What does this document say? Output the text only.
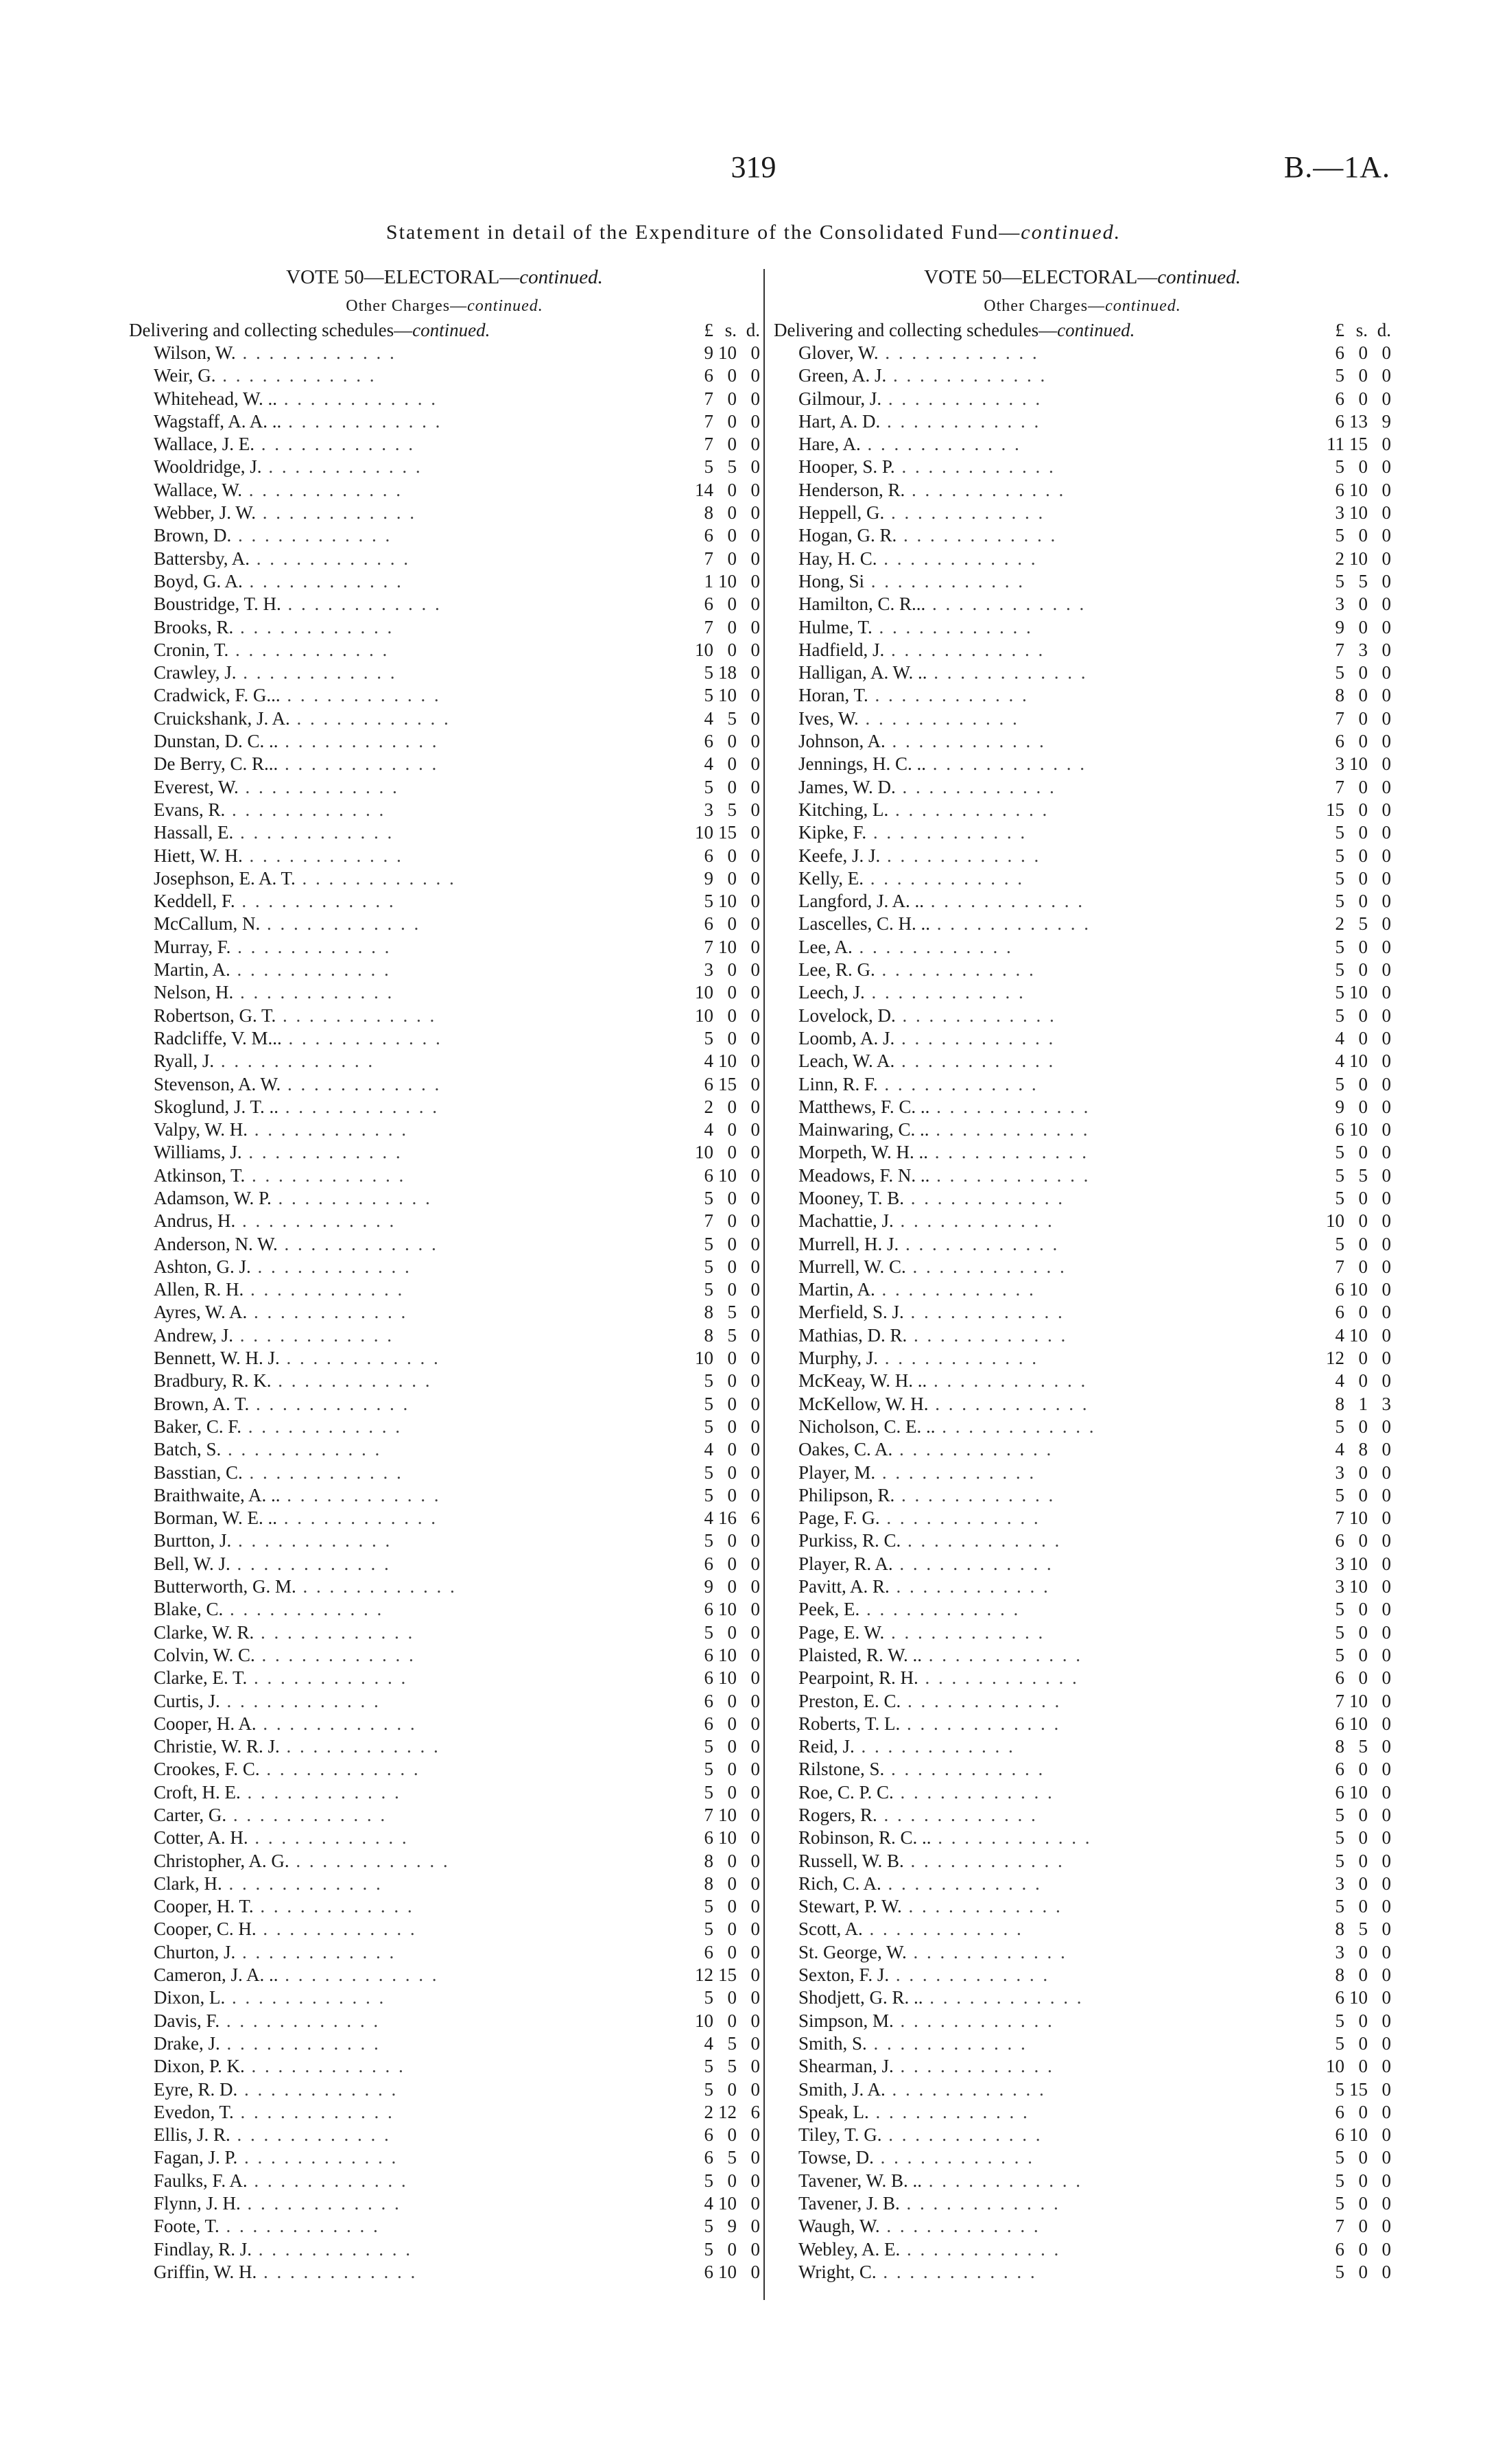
319	B.—1A.
Statement in detail of the Expenditure of the Consolidated Fund—continued.
VOTE 50—ELECTORAL—continued.
Other Charges—continued.
Delivering and collecting schedules—continued.	£ s. d.
Wilson, W. . . . . . . . . . . . .	9 10 0
Weir, G. . . . . . . . . . . . .	6 0 0
Whitehead, W. .. . . . . . . . . . . . .	7 0 0
Wagstaff, A. A. .. . . . . . . . . . . . .	7 0 0
Wallace, J. E. . . . . . . . . . . . .	7 0 0
Wooldridge, J. . . . . . . . . . . . .	5 5 0
Wallace, W. . . . . . . . . . . . .	14 0 0
Webber, J. W. . . . . . . . . . . . .	8 0 0
Brown, D. . . . . . . . . . . . .	6 0 0
Battersby, A. . . . . . . . . . . . .	7 0 0
Boyd, G. A. . . . . . . . . . . . .	1 10 0
Boustridge, T. H. . . . . . . . . . . . .	6 0 0
Brooks, R. . . . . . . . . . . . .	7 0 0
Cronin, T. . . . . . . . . . . . .	10 0 0
Crawley, J. . . . . . . . . . . . .	5 18 0
Cradwick, F. G... . . . . . . . . . . . .	5 10 0
Cruickshank, J. A. . . . . . . . . . . . .	4 5 0
Dunstan, D. C. .. . . . . . . . . . . . .	6 0 0
De Berry, C. R... . . . . . . . . . . . .	4 0 0
Everest, W. . . . . . . . . . . . .	5 0 0
Evans, R. . . . . . . . . . . . .	3 5 0
Hassall, E. . . . . . . . . . . . .	10 15 0
Hiett, W. H. . . . . . . . . . . . .	6 0 0
Josephson, E. A. T. . . . . . . . . . . . .	9 0 0
Keddell, F. . . . . . . . . . . . .	5 10 0
McCallum, N. . . . . . . . . . . . .	6 0 0
Murray, F. . . . . . . . . . . . .	7 10 0
Martin, A. . . . . . . . . . . . .	3 0 0
Nelson, H. . . . . . . . . . . . .	10 0 0
Robertson, G. T. . . . . . . . . . . . .	10 0 0
Radcliffe, V. M... . . . . . . . . . . . .	5 0 0
Ryall, J. . . . . . . . . . . . .	4 10 0
Stevenson, A. W. . . . . . . . . . . . .	6 15 0
Skoglund, J. T. .. . . . . . . . . . . . .	2 0 0
Valpy, W. H. . . . . . . . . . . . .	4 0 0
Williams, J. . . . . . . . . . . . .	10 0 0
Atkinson, T. . . . . . . . . . . . .	6 10 0
Adamson, W. P. . . . . . . . . . . . .	5 0 0
Andrus, H. . . . . . . . . . . . .	7 0 0
Anderson, N. W. . . . . . . . . . . . .	5 0 0
Ashton, G. J. . . . . . . . . . . . .	5 0 0
Allen, R. H. . . . . . . . . . . . .	5 0 0
Ayres, W. A. . . . . . . . . . . . .	8 5 0
Andrew, J. . . . . . . . . . . . .	8 5 0
Bennett, W. H. J. . . . . . . . . . . . .	10 0 0
Bradbury, R. K. . . . . . . . . . . . .	5 0 0
Brown, A. T. . . . . . . . . . . . .	5 0 0
Baker, C. F. . . . . . . . . . . . .	5 0 0
Batch, S. . . . . . . . . . . . .	4 0 0
Basstian, C. . . . . . . . . . . . .	5 0 0
Braithwaite, A. .. . . . . . . . . . . . .	5 0 0
Borman, W. E. .. . . . . . . . . . . . .	4 16 6
Burtton, J. . . . . . . . . . . . .	5 0 0
Bell, W. J. . . . . . . . . . . . .	6 0 0
Butterworth, G. M. . . . . . . . . . . . .	9 0 0
Blake, C. . . . . . . . . . . . .	6 10 0
Clarke, W. R. . . . . . . . . . . . .	5 0 0
Colvin, W. C. . . . . . . . . . . . .	6 10 0
Clarke, E. T. . . . . . . . . . . . .	6 10 0
Curtis, J. . . . . . . . . . . . .	6 0 0
Cooper, H. A. . . . . . . . . . . . .	6 0 0
Christie, W. R. J. . . . . . . . . . . . .	5 0 0
Crookes, F. C. . . . . . . . . . . . .	5 0 0
Croft, H. E. . . . . . . . . . . . .	5 0 0
Carter, G. . . . . . . . . . . . .	7 10 0
Cotter, A. H. . . . . . . . . . . . .	6 10 0
Christopher, A. G. . . . . . . . . . . . .	8 0 0
Clark, H. . . . . . . . . . . . .	8 0 0
Cooper, H. T. . . . . . . . . . . . .	5 0 0
Cooper, C. H. . . . . . . . . . . . .	5 0 0
Churton, J. . . . . . . . . . . . .	6 0 0
Cameron, J. A. .. . . . . . . . . . . . .	12 15 0
Dixon, L. . . . . . . . . . . . .	5 0 0
Davis, F. . . . . . . . . . . . .	10 0 0
Drake, J. . . . . . . . . . . . .	4 5 0
Dixon, P. K. . . . . . . . . . . . .	5 5 0
Eyre, R. D. . . . . . . . . . . . .	5 0 0
Evedon, T. . . . . . . . . . . . .	2 12 6
Ellis, J. R. . . . . . . . . . . . .	6 0 0
Fagan, J. P. . . . . . . . . . . . .	6 5 0
Faulks, F. A. . . . . . . . . . . . .	5 0 0
Flynn, J. H. . . . . . . . . . . . .	4 10 0
Foote, T. . . . . . . . . . . . .	5 9 0
Findlay, R. J. . . . . . . . . . . . .	5 0 0
Griffin, W. H. . . . . . . . . . . . .	6 10 0
VOTE 50—ELECTORAL—continued.
Other Charges—continued.
Delivering and collecting schedules—continued.	£ s. d.
Glover, W. . . . . . . . . . . . .	6 0 0
Green, A. J. . . . . . . . . . . . .	5 0 0
Gilmour, J. . . . . . . . . . . . .	6 0 0
Hart, A. D. . . . . . . . . . . . .	6 13 9
Hare, A. . . . . . . . . . . . .	11 15 0
Hooper, S. P. . . . . . . . . . . . .	5 0 0
Henderson, R. . . . . . . . . . . . .	6 10 0
Heppell, G. . . . . . . . . . . . .	3 10 0
Hogan, G. R. . . . . . . . . . . . .	5 0 0
Hay, H. C. . . . . . . . . . . . .	2 10 0
Hong, Si . . . . . . . . . . . .	5 5 0
Hamilton, C. R... . . . . . . . . . . . .	3 0 0
Hulme, T. . . . . . . . . . . . .	9 0 0
Hadfield, J. . . . . . . . . . . . .	7 3 0
Halligan, A. W. .. . . . . . . . . . . . .	5 0 0
Horan, T. . . . . . . . . . . . .	8 0 0
Ives, W. . . . . . . . . . . . .	7 0 0
Johnson, A. . . . . . . . . . . . .	6 0 0
Jennings, H. C. .. . . . . . . . . . . . .	3 10 0
James, W. D. . . . . . . . . . . . .	7 0 0
Kitching, L. . . . . . . . . . . . .	15 0 0
Kipke, F. . . . . . . . . . . . .	5 0 0
Keefe, J. J. . . . . . . . . . . . .	5 0 0
Kelly, E. . . . . . . . . . . . .	5 0 0
Langford, J. A. .. . . . . . . . . . . . .	5 0 0
Lascelles, C. H. .. . . . . . . . . . . . .	2 5 0
Lee, A. . . . . . . . . . . . .	5 0 0
Lee, R. G. . . . . . . . . . . . .	5 0 0
Leech, J. . . . . . . . . . . . .	5 10 0
Lovelock, D. . . . . . . . . . . . .	5 0 0
Loomb, A. J. . . . . . . . . . . . .	4 0 0
Leach, W. A. . . . . . . . . . . . .	4 10 0
Linn, R. F. . . . . . . . . . . . .	5 0 0
Matthews, F. C. .. . . . . . . . . . . . .	9 0 0
Mainwaring, C. .. . . . . . . . . . . . .	6 10 0
Morpeth, W. H. .. . . . . . . . . . . . .	5 0 0
Meadows, F. N. .. . . . . . . . . . . . .	5 5 0
Mooney, T. B. . . . . . . . . . . . .	5 0 0
Machattie, J. . . . . . . . . . . . .	10 0 0
Murrell, H. J. . . . . . . . . . . . .	5 0 0
Murrell, W. C. . . . . . . . . . . . .	7 0 0
Martin, A. . . . . . . . . . . . .	6 10 0
Merfield, S. J. . . . . . . . . . . . .	6 0 0
Mathias, D. R. . . . . . . . . . . . .	4 10 0
Murphy, J. . . . . . . . . . . . .	12 0 0
McKeay, W. H. .. . . . . . . . . . . . .	4 0 0
McKellow, W. H. . . . . . . . . . . . .	8 1 3
Nicholson, C. E. .. . . . . . . . . . . . .	5 0 0
Oakes, C. A. . . . . . . . . . . . .	4 8 0
Player, M. . . . . . . . . . . . .	3 0 0
Philipson, R. . . . . . . . . . . . .	5 0 0
Page, F. G. . . . . . . . . . . . .	7 10 0
Purkiss, R. C. . . . . . . . . . . . .	6 0 0
Player, R. A. . . . . . . . . . . . .	3 10 0
Pavitt, A. R. . . . . . . . . . . . .	3 10 0
Peek, E. . . . . . . . . . . . .	5 0 0
Page, E. W. . . . . . . . . . . . .	5 0 0
Plaisted, R. W. .. . . . . . . . . . . . .	5 0 0
Pearpoint, R. H. . . . . . . . . . . . .	6 0 0
Preston, E. C. . . . . . . . . . . . .	7 10 0
Roberts, T. L. . . . . . . . . . . . .	6 10 0
Reid, J. . . . . . . . . . . . .	8 5 0
Rilstone, S. . . . . . . . . . . . .	6 0 0
Roe, C. P. C. . . . . . . . . . . . .	6 10 0
Rogers, R. . . . . . . . . . . . .	5 0 0
Robinson, R. C. .. . . . . . . . . . . . .	5 0 0
Russell, W. B. . . . . . . . . . . . .	5 0 0
Rich, C. A. . . . . . . . . . . . .	3 0 0
Stewart, P. W. . . . . . . . . . . . .	5 0 0
Scott, A. . . . . . . . . . . . .	8 5 0
St. George, W. . . . . . . . . . . . .	3 0 0
Sexton, F. J. . . . . . . . . . . . .	8 0 0
Shodjett, G. R. .. . . . . . . . . . . . .	6 10 0
Simpson, M. . . . . . . . . . . . .	5 0 0
Smith, S. . . . . . . . . . . . .	5 0 0
Shearman, J. . . . . . . . . . . . .	10 0 0
Smith, J. A. . . . . . . . . . . . .	5 15 0
Speak, L. . . . . . . . . . . . .	6 0 0
Tiley, T. G. . . . . . . . . . . . .	6 10 0
Towse, D. . . . . . . . . . . . .	5 0 0
Tavener, W. B. .. . . . . . . . . . . . .	5 0 0
Tavener, J. B. . . . . . . . . . . . .	5 0 0
Waugh, W. . . . . . . . . . . . .	7 0 0
Webley, A. E. . . . . . . . . . . . .	6 0 0
Wright, C. . . . . . . . . . . . .	5 0 0
